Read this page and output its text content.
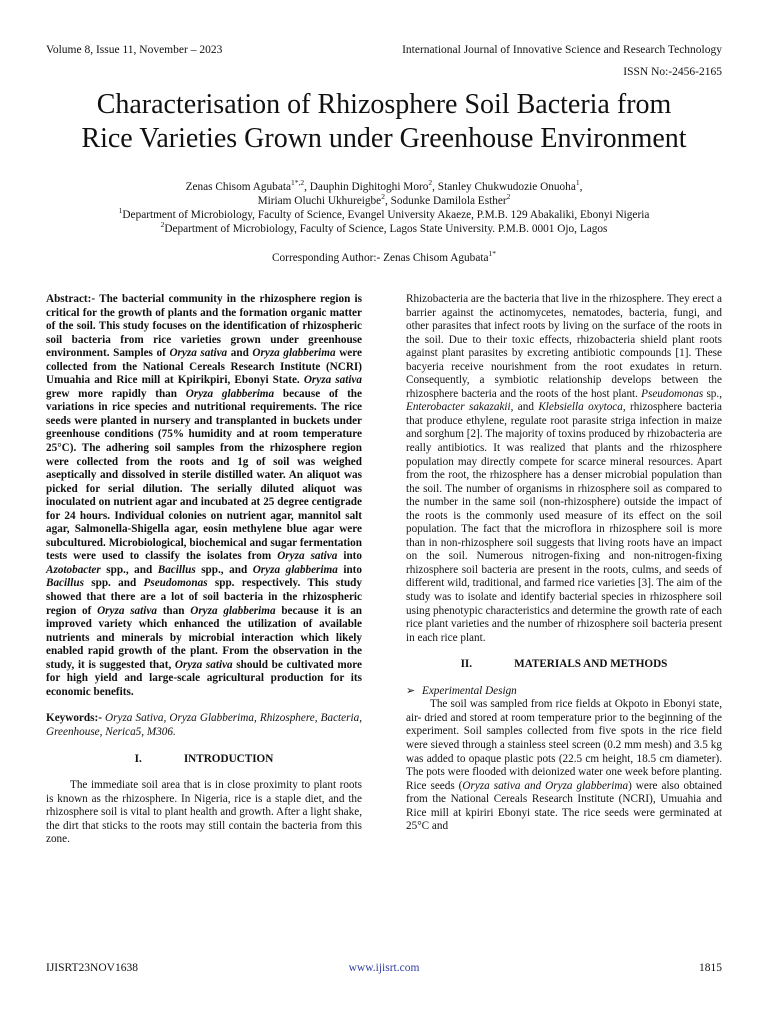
Volume 8, Issue 11, November – 2023	International Journal of Innovative Science and Research Technology
ISSN No:-2456-2165
Characterisation of Rhizosphere Soil Bacteria from
Rice Varieties Grown under Greenhouse Environment
Zenas Chisom Agubata$^{1*,2}$, Dauphin Dighitoghi Moro$^2$, Stanley Chukwudozie Onuoha$^1$,
Miriam Oluchi Ukhureigbe$^2$, Sodunke Damilola Esther$^2$
$^1$Department of Microbiology, Faculty of Science, Evangel University Akaeze, P.M.B. 129 Abakaliki, Ebonyi Nigeria
$^2$Department of Microbiology, Faculty of Science, Lagos State University. P.M.B. 0001 Ojo, Lagos
Corresponding Author:- Zenas Chisom Agubata$^{1*}$

Abstract:- The bacterial community in the rhizosphere region is critical for the growth of plants and the formation organic matter of the soil. This study focuses on the identification of rhizospheric soil bacteria from rice varieties grown under greenhouse environment. Samples of Oryza sativa and Oryza glabberima were collected from the National Cereals Research Institute (NCRI) Umuahia and Rice mill at Kpirikpiri, Ebonyi State. Oryza sativa grew more rapidly than Oryza glabberima because of the variations in rice species and nutritional requirements. The rice seeds were planted in nursery and transplanted in buckets under greenhouse conditions (75% humidity and at room temperature 25°C). The adhering soil samples from the rhizosphere region were collected from the roots and 1g of soil was weighed aseptically and dissolved in sterile distilled water. An aliquot was picked for serial dilution. The serially diluted aliquot was inoculated on nutrient agar and incubated at 25 degree centigrade for 24 hours. Individual colonies on nutrient agar, mannitol salt agar, Salmonella-Shigella agar, eosin methylene blue agar were subcultured. Microbiological, biochemical and sugar fermentation tests were used to classify the isolates from Oryza sativa into Azotobacter spp., and Bacillus spp., and Oryza glabberima into Bacillus spp. and Pseudomonas spp. respectively. This study showed that there are a lot of soil bacteria in the rhizospheric region of Oryza sativa than Oryza glabberima because it is an improved variety which enhanced the utilization of available nutrients and minerals by microbial interaction which likely enabled rapid growth of the plant. From the observation in the study, it is suggested that, Oryza sativa should be cultivated more for high yield and large-scale agricultural production for its economic benefits.

Keywords:- Oryza Sativa, Oryza Glabberima, Rhizosphere, Bacteria, Greenhouse, Nerica5, M306.

I.	INTRODUCTION

The immediate soil area that is in close proximity to plant roots is known as the rhizosphere. In Nigeria, rice is a staple diet, and the rhizosphere soil is vital to plant health and growth. After a light shake, the dirt that sticks to the roots may still contain the bacteria from this zone.

Rhizobacteria are the bacteria that live in the rhizosphere. They erect a barrier against the actinomycetes, nematodes, bacteria, fungi, and other parasites that infect roots by living on the surface of the roots in the soil. Due to their toxic effects, rhizobacteria shield plant roots against plant parasites by excreting antibiotic compounds [1]. These bacyeria receive nourishment from the root exudates in return. Consequently, a symbiotic relationship develops between the rhizosphere bacteria and the roots of the host plant. Pseudomonas sp., Enterobacter sakazakii, and Klebsiella oxytoca, rhizosphere bacteria that produce ethylene, regulate root parasite striga infection in maize and sorghum [2]. The majority of toxins produced by rhizobacteria are really antibiotics. It was realized that plants and the rhizosphere population may directly compete for scarce mineral resources. Apart from the root, the rhizosphere has a denser microbial population than the soil. The number of organisms in rhizosphere soil as compared to the number in the same soil (non-rhizosphere) outside the impact of the roots is the commonly used measure of its effect on the soil population. The fact that the microflora in rhizosphere soil is more than in non-rhizosphere soil suggests that living roots have an impact on the soil. Numerous nitrogen-fixing and non-nitrogen-fixing rhizosphere soil bacteria are present in the roots, culms, and seeds of different wild, traditional, and farmed rice varieties [3]. The aim of the study was to isolate and identify bacterial species in rhizosphere soil using phenotypic characteristics and determine the growth rate of each rice plant varieties and the number of rhizosphere soil bacteria present in each rice plant.

II.	MATERIALS AND METHODS

➢ Experimental Design

The soil was sampled from rice fields at Okpoto in Ebonyi state, air- dried and stored at room temperature prior to the beginning of the experiment. Soil samples collected from five spots in the rice field were sieved through a stainless steel screen (0.2 mm mesh) and 3.5 kg was added to opaque plastic pots (22.5 cm height, 18.5 cm diameter). The pots were flooded with deionized water one week before planting. Rice seeds (Oryza sativa and Oryza glabberima) were also obtained from the National Cereals Research Institute (NCRI), Umuahia and Rice mill at kpiriri Ebonyi state. The rice seeds were germinated at 25°C and

IJISRT23NOV1638	www.ijisrt.com	1815
